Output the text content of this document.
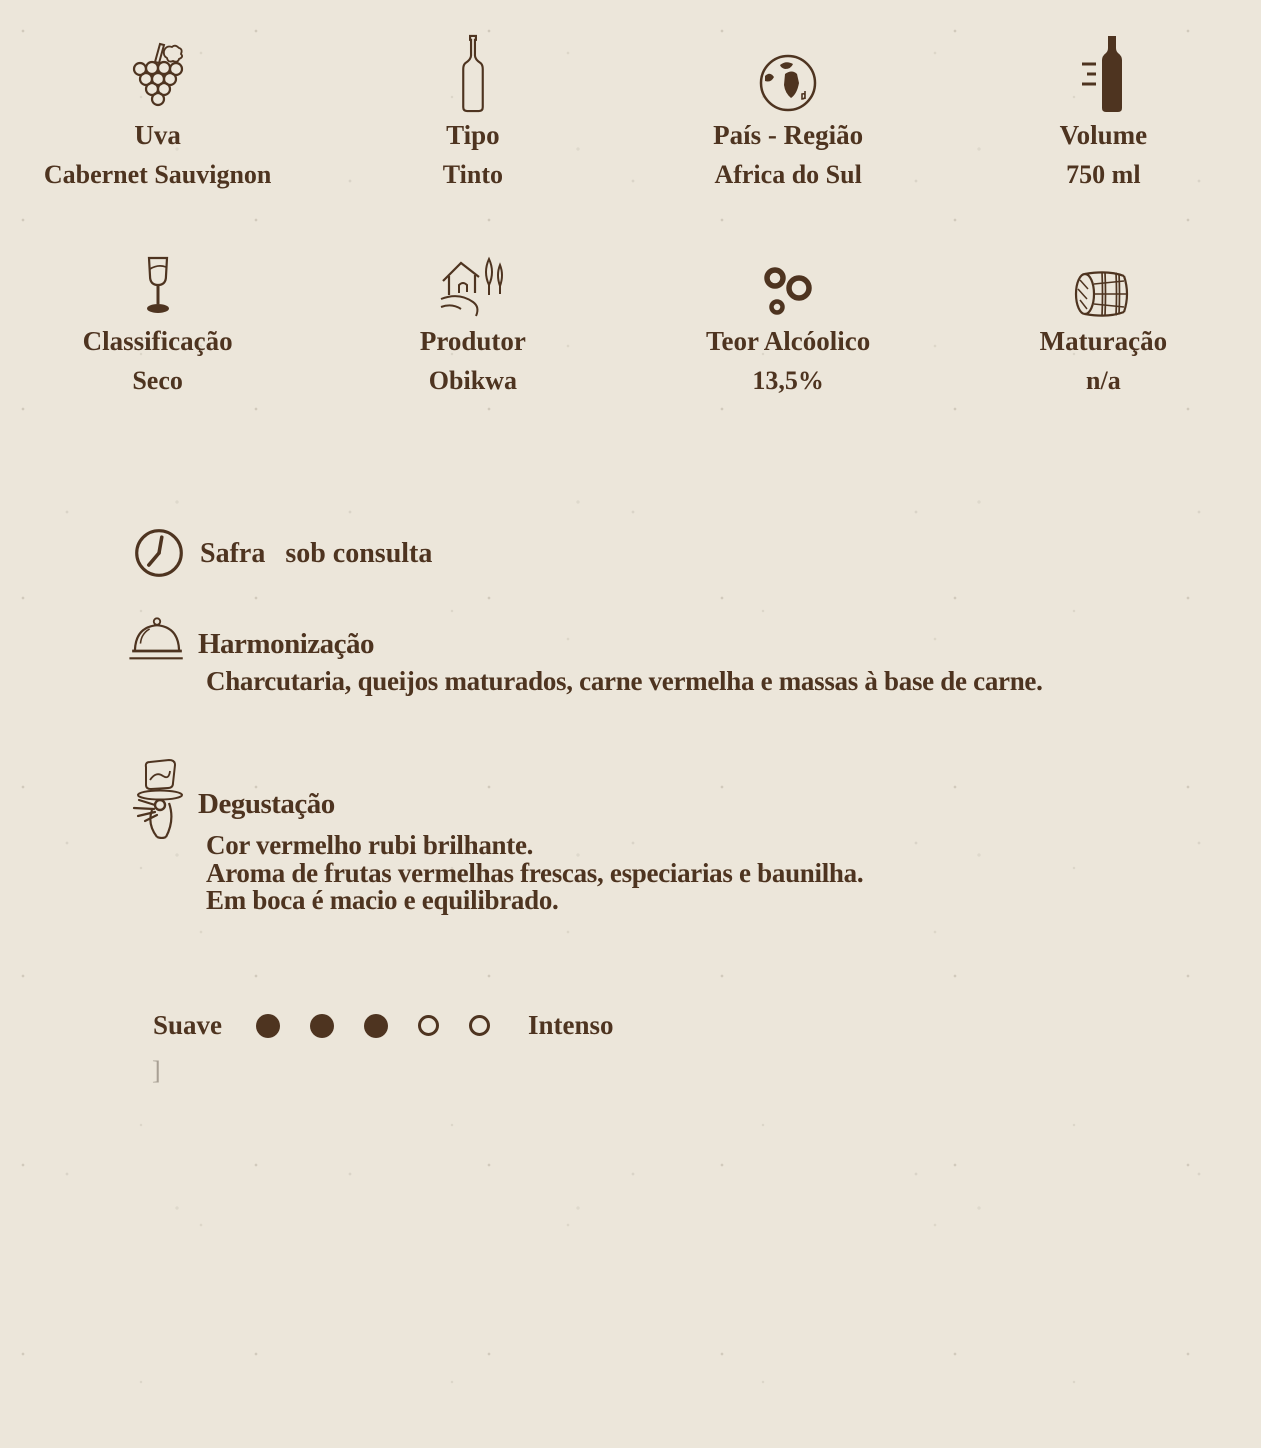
Uva
Cabernet Sauvignon
Tipo
Tinto
País - Região
Africa do Sul
Volume
750 ml
Classificação
Seco
Produtor
Obikwa
Teor Alcóolico
13,5%
Maturação
n/a
Safra sob consulta
Harmonização
Charcutaria, queijos maturados, carne vermelha e massas à base de carne.
Degustação
Cor vermelho rubi brilhante.
Aroma de frutas vermelhas frescas, especiarias e baunilha.
Em boca é macio e equilibrado.
Suave	Intenso
]
